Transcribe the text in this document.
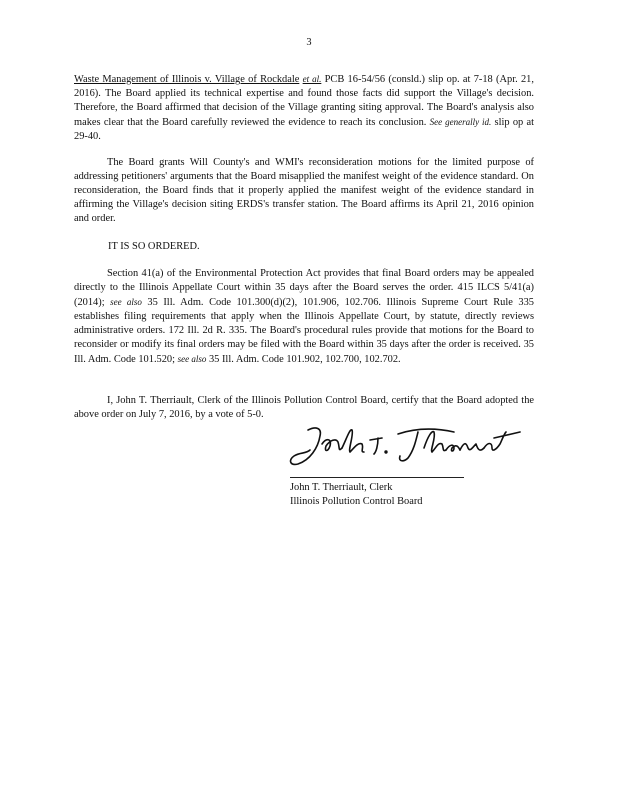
3
Waste Management of Illinois v. Village of Rockdale et al. PCB 16-54/56 (consld.) slip op. at 7-18 (Apr. 21, 2016). The Board applied its technical expertise and found those facts did support the Village's decision. Therefore, the Board affirmed that decision of the Village granting siting approval. The Board's analysis also makes clear that the Board carefully reviewed the evidence to reach its conclusion. See generally id. slip op at 29-40.
The Board grants Will County's and WMI's reconsideration motions for the limited purpose of addressing petitioners' arguments that the Board misapplied the manifest weight of the evidence standard. On reconsideration, the Board finds that it properly applied the manifest weight of the evidence standard in affirming the Village's decision siting ERDS's transfer station. The Board affirms its April 21, 2016 opinion and order.
IT IS SO ORDERED.
Section 41(a) of the Environmental Protection Act provides that final Board orders may be appealed directly to the Illinois Appellate Court within 35 days after the Board serves the order. 415 ILCS 5/41(a) (2014); see also 35 Ill. Adm. Code 101.300(d)(2), 101.906, 102.706. Illinois Supreme Court Rule 335 establishes filing requirements that apply when the Illinois Appellate Court, by statute, directly reviews administrative orders. 172 Ill. 2d R. 335. The Board's procedural rules provide that motions for the Board to reconsider or modify its final orders may be filed with the Board within 35 days after the order is received. 35 Ill. Adm. Code 101.520; see also 35 Ill. Adm. Code 101.902, 102.700, 102.702.
I, John T. Therriault, Clerk of the Illinois Pollution Control Board, certify that the Board adopted the above order on July 7, 2016, by a vote of 5-0.
John T. Therriault, Clerk
Illinois Pollution Control Board
